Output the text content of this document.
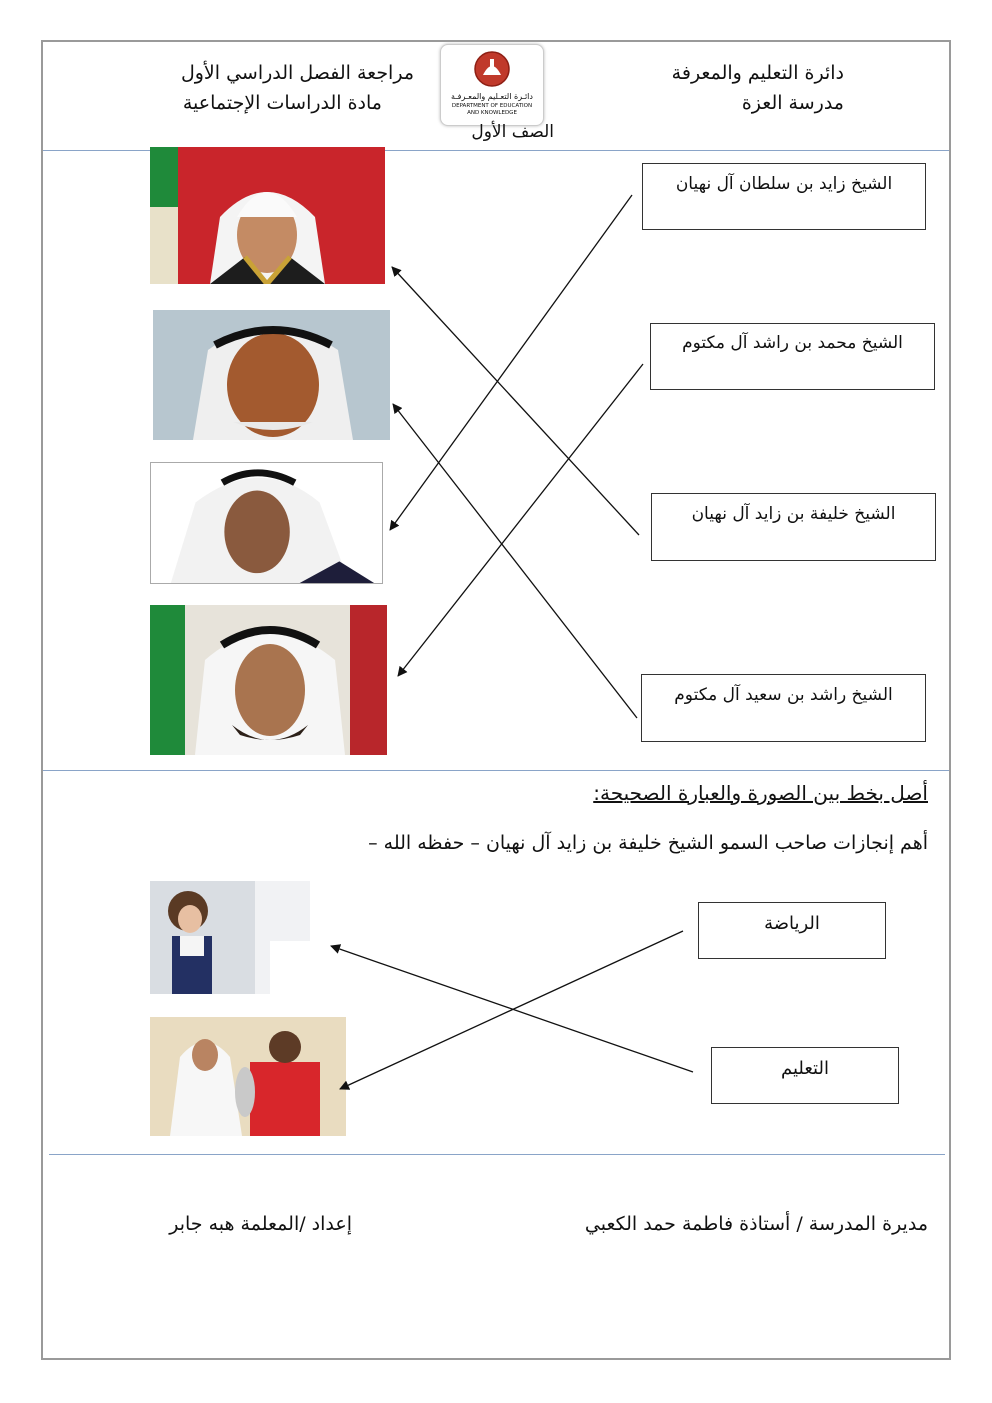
دائرة التعليم والمعرفة
مدرسة العزة
مراجعة الفصل الدراسي الأول
مادة الدراسات الإجتماعية	دائـرة التعـليم والمعـرفـة
DEPARTMENT OF EDUCATION
AND KNOWLEDGE
الصف الأول
الشيخ زايد بن سلطان آل نهيان
الشيخ محمد بن راشد آل مكتوم
الشيخ خليفة بن زايد آل نهيان
الشيخ راشد بن سعيد آل مكتوم
أصل بخط بين الصورة والعبارة الصحيحة:
أهم إنجازات صاحب السمو الشيخ خليفة بن زايد آل نهيان – حفظه الله –
الرياضة
التعليم
مديرة المدرسة / أستاذة فاطمة حمد الكعبي
إعداد /المعلمة هبه جابر
